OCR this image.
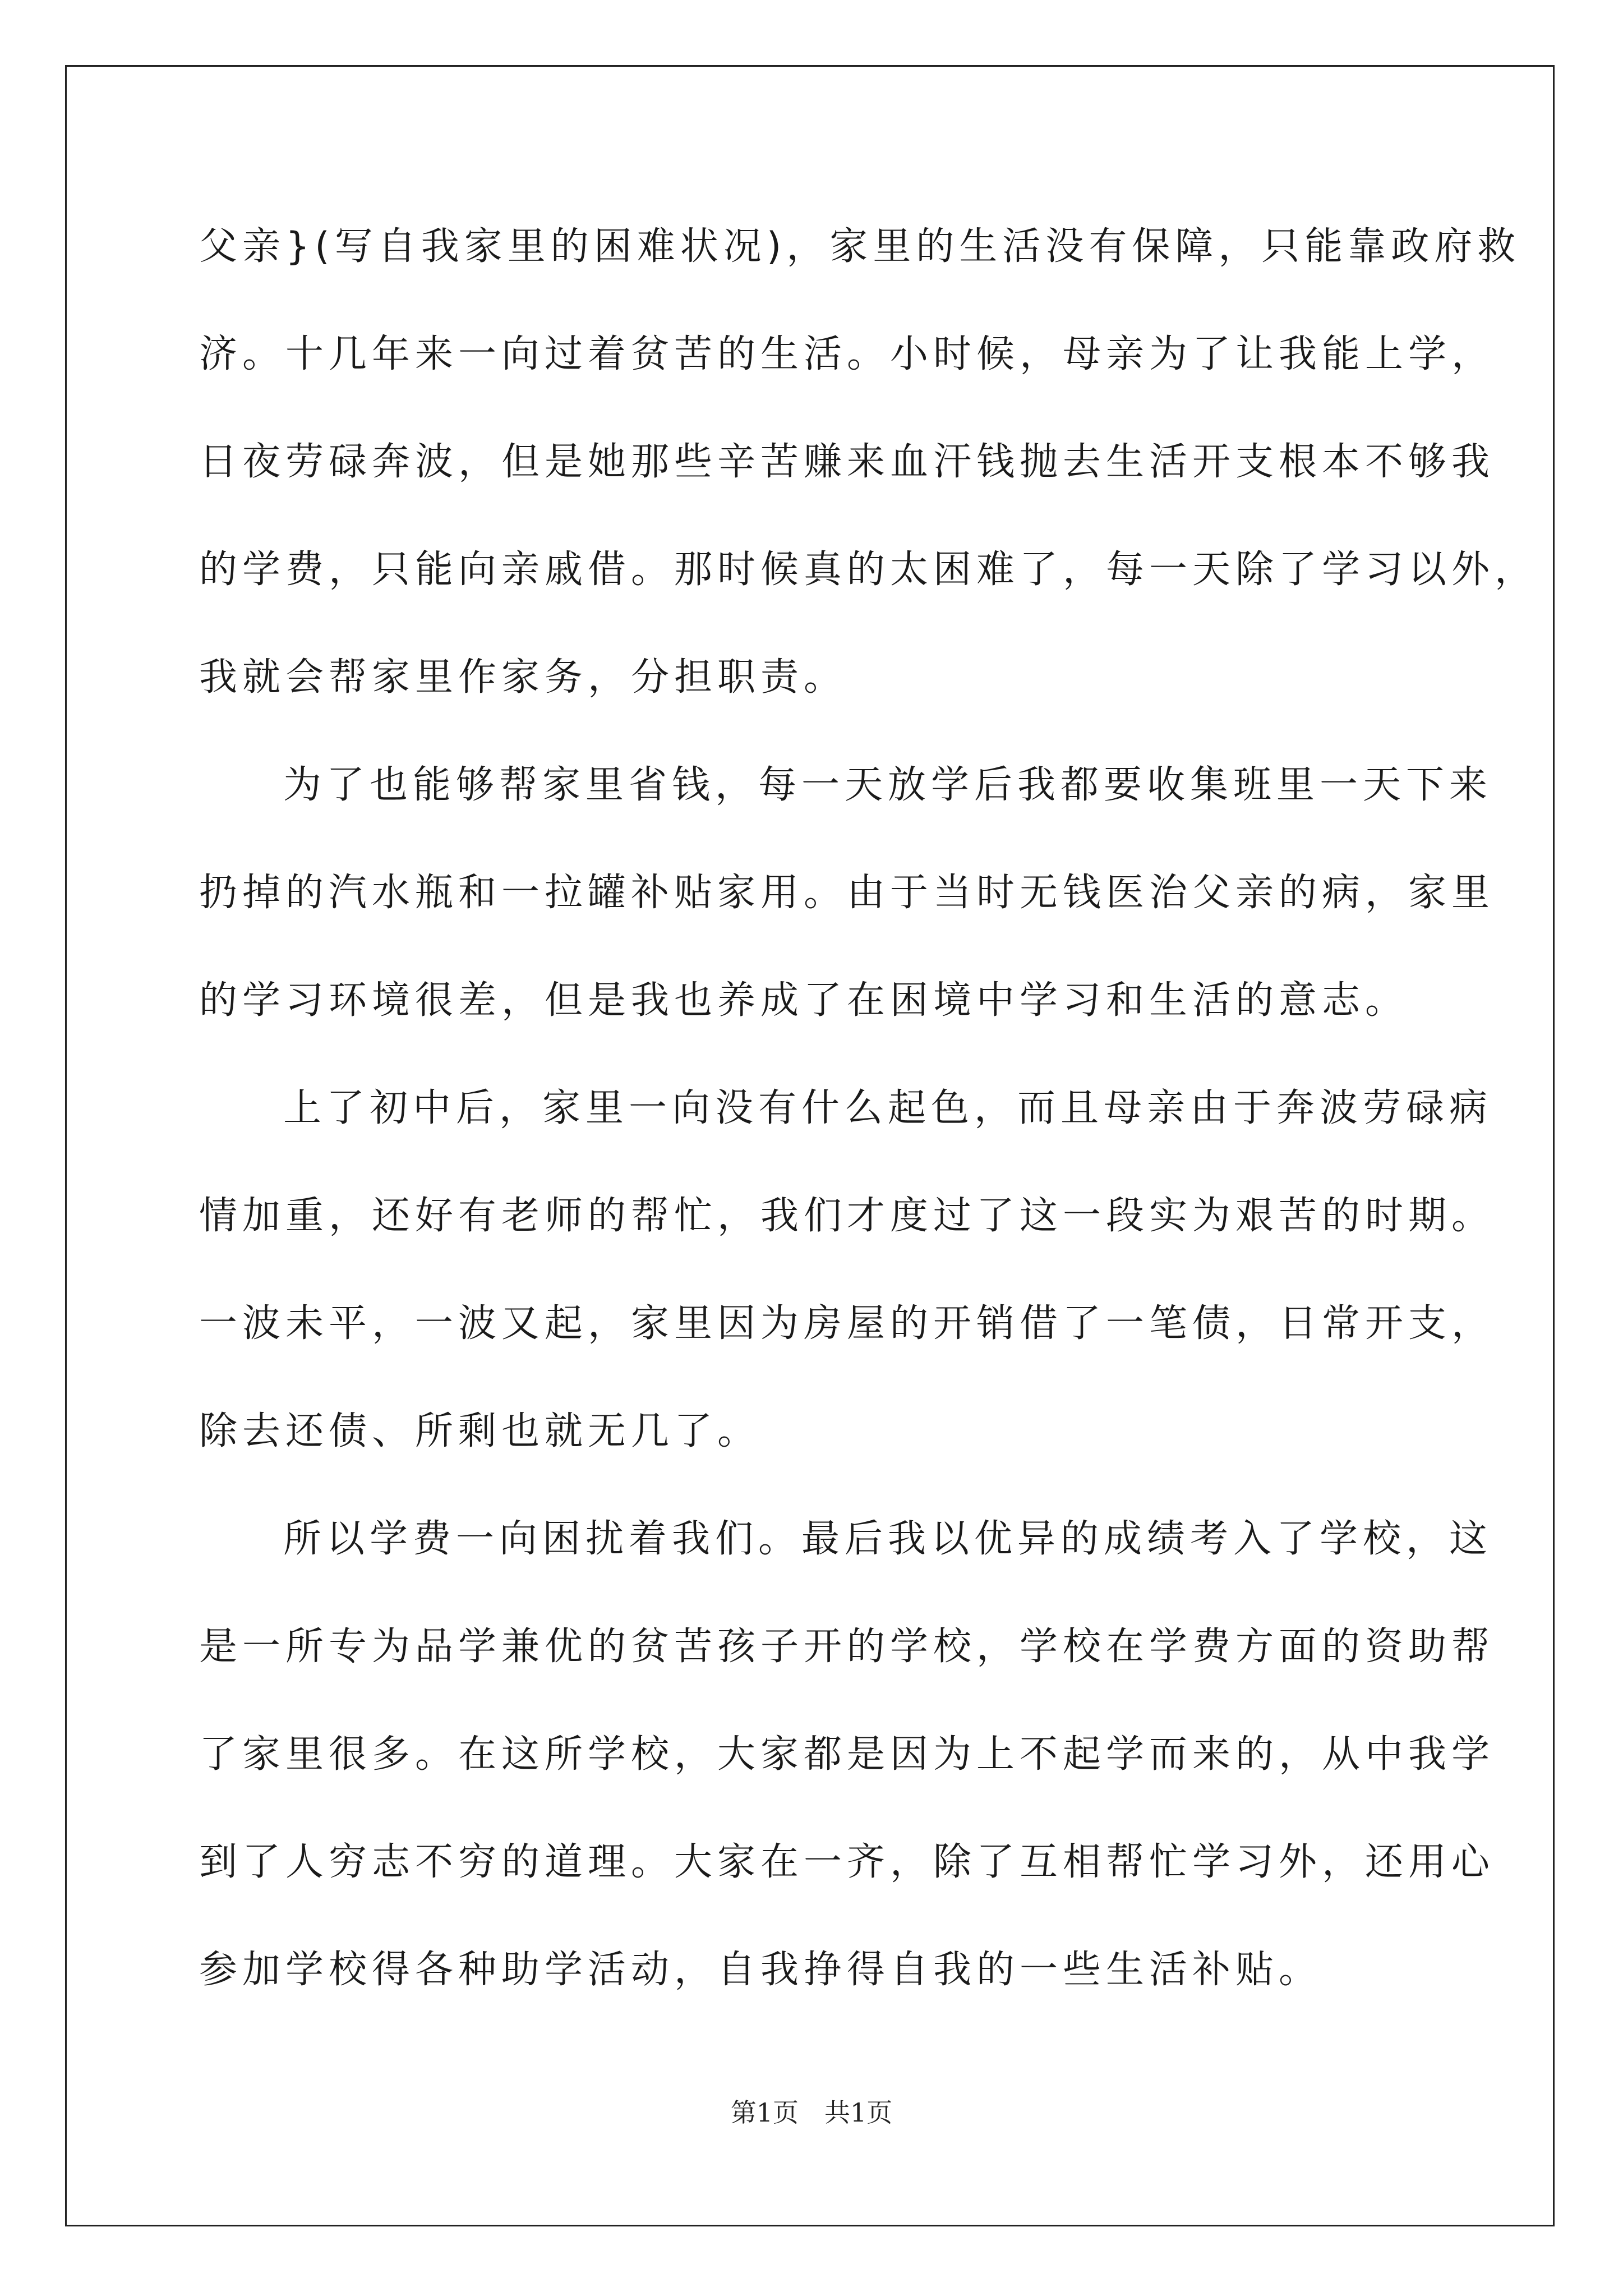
父亲}(写自我家里的困难状况)，家里的生活没有保障，只能靠政府救
济。十几年来一向过着贫苦的生活。小时候，母亲为了让我能上学，
日夜劳碌奔波，但是她那些辛苦赚来血汗钱抛去生活开支根本不够我
的学费，只能向亲戚借。那时候真的太困难了，每一天除了学习以外，
我就会帮家里作家务，分担职责。
为了也能够帮家里省钱，每一天放学后我都要收集班里一天下来
扔掉的汽水瓶和一拉罐补贴家用。由于当时无钱医治父亲的病，家里
的学习环境很差，但是我也养成了在困境中学习和生活的意志。
上了初中后，家里一向没有什么起色，而且母亲由于奔波劳碌病
情加重，还好有老师的帮忙，我们才度过了这一段实为艰苦的时期。
一波未平，一波又起，家里因为房屋的开销借了一笔债，日常开支，
除去还债、所剩也就无几了。
所以学费一向困扰着我们。最后我以优异的成绩考入了学校，这
是一所专为品学兼优的贫苦孩子开的学校，学校在学费方面的资助帮
了家里很多。在这所学校，大家都是因为上不起学而来的，从中我学
到了人穷志不穷的道理。大家在一齐，除了互相帮忙学习外，还用心
参加学校得各种助学活动，自我挣得自我的一些生活补贴。
第1页　共1页
